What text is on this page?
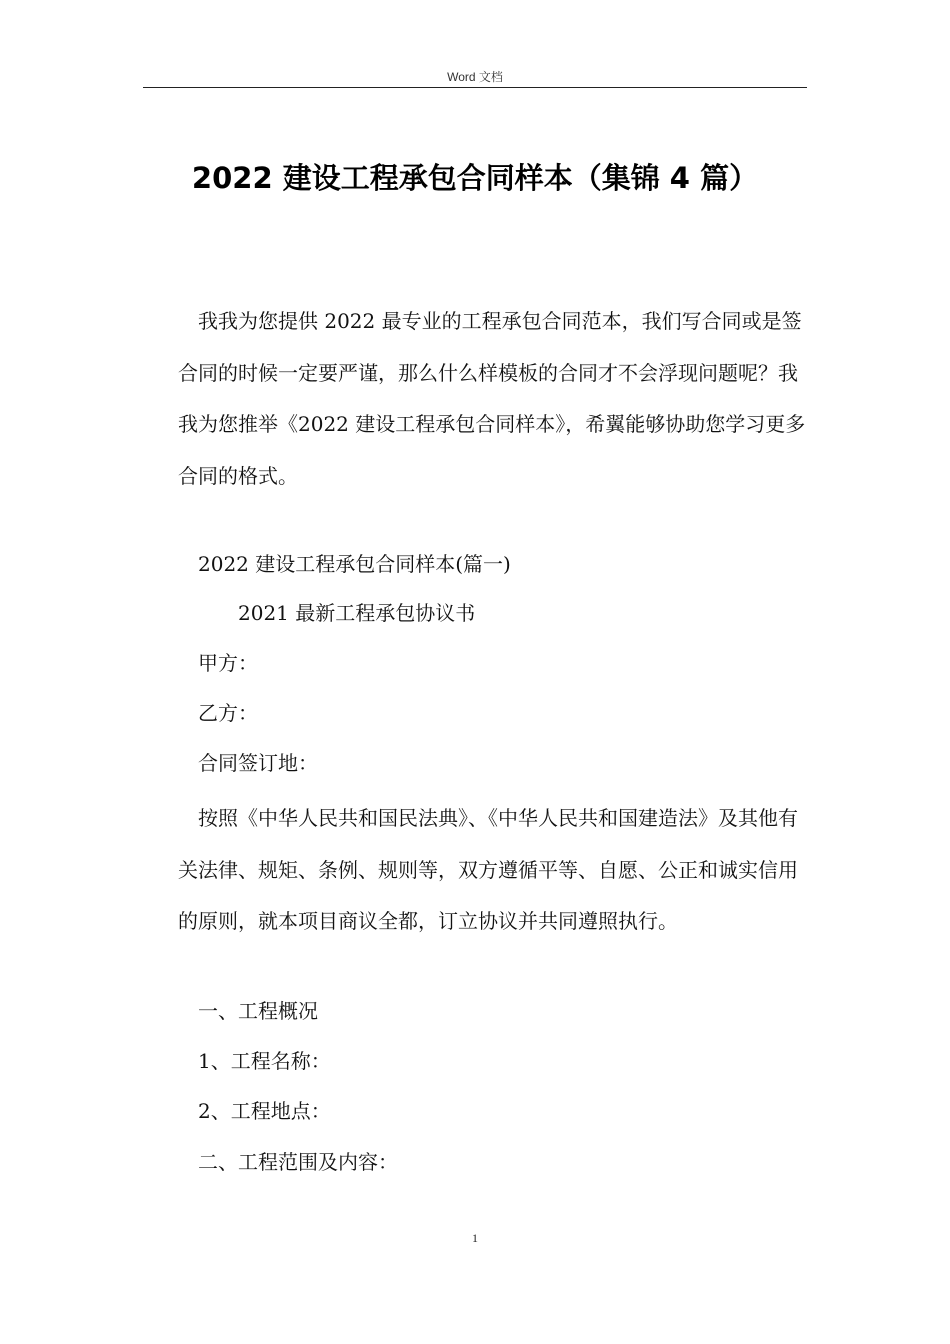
Word 文档
2022 建设工程承包合同样本（集锦 4 篇）

我我为您提供 2022 最专业的工程承包合同范本，我们写合同或是签合同的时候一定要严谨，那么什么样模板的合同才不会浮现问题呢？我我为您推举《2022 建设工程承包合同样本》，希翼能够协助您学习更多合同的格式。

2022 建设工程承包合同样本(篇一)

2021 最新工程承包协议书

甲方：

乙方：

合同签订地：

按照《中华人民共和国民法典》、《中华人民共和国建造法》及其他有关法律、规矩、条例、规则等，双方遵循平等、自愿、公正和诚实信用的原则，就本项目商议全都，订立协议并共同遵照执行。

一、工程概况

1、工程名称：

2、工程地点：

二、工程范围及内容：

1
